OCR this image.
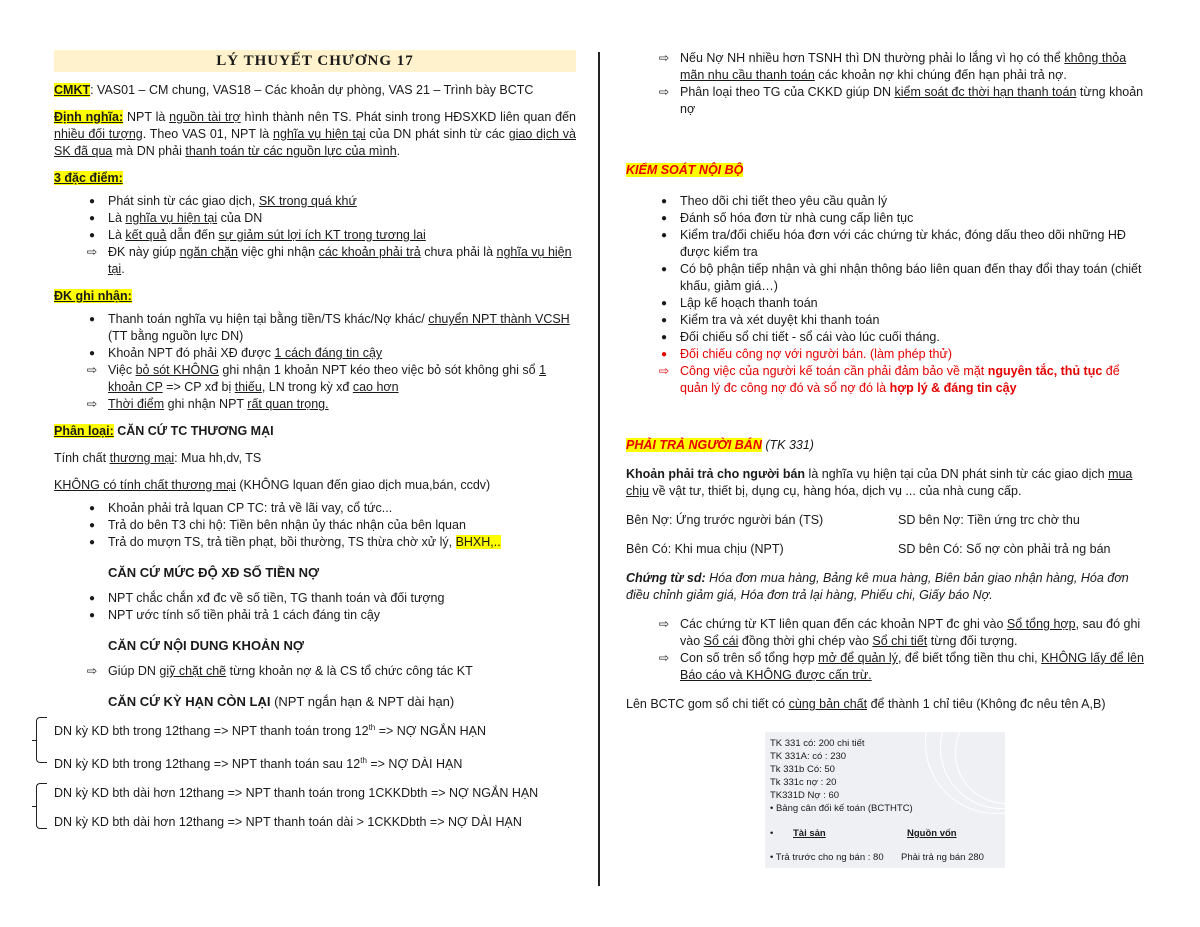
LÝ THUYẾT CHƯƠNG 17

CMKT: VAS01 – CM chung, VAS18 – Các khoản dự phòng, VAS 21 – Trình bày BCTC

Định nghĩa: NPT là nguồn tài trợ hình thành nên TS. Phát sinh trong HĐSXKD liên quan đến nhiều đối tượng. Theo VAS 01, NPT là nghĩa vụ hiện tại của DN phát sinh từ các giao dịch và SK đã qua mà DN phải thanh toán từ các nguồn lực của mình.

3 đặc điểm:

●	Phát sinh từ các giao dịch, SK trong quá khứ
●	Là nghĩa vụ hiện tại của DN
●	Là kết quả dẫn đến sự giảm sút lợi ích KT trong tương lai
⇨ ĐK này giúp ngăn chặn việc ghi nhận các khoản phải trả chưa phải là nghĩa vụ hiện tại.

ĐK ghi nhận:

●	Thanh toán nghĩa vụ hiện tại bằng tiền/TS khác/Nợ khác/ chuyển NPT thành VCSH (TT bằng nguồn lực DN)
●	Khoản NPT đó phải XĐ được 1 cách đáng tin cậy
⇨ Việc bỏ sót KHÔNG ghi nhận 1 khoản NPT kéo theo việc bỏ sót không ghi sổ 1 khoản CP => CP xđ bị thiếu, LN trong kỳ xđ cao hơn
⇨ Thời điểm ghi nhận NPT rất quan trọng.

Phân loại: CĂN CỨ TC THƯƠNG MẠI

Tính chất thương mại: Mua hh,dv, TS

KHÔNG có tính chất thương mại (KHÔNG lquan đến giao dịch mua,bán, ccdv)

●	Khoản phải trả lquan CP TC: trả về lãi vay, cổ tức...
●	Trả do bên T3 chi hộ: Tiền bên nhận ủy thác nhận của bên lquan
●	Trả do mượn TS, trả tiền phạt, bồi thường, TS thừa chờ xử lý, BHXH,..
CĂN CỨ MỨC ĐỘ XĐ SỐ TIỀN NỢ
●	NPT chắc chắn xđ đc về số tiền, TG thanh toán và đối tượng
●	NPT ước tính số tiền phải trả 1 cách đáng tin cậy
CĂN CỨ NỘI DUNG KHOẢN NỢ
⇨ Giúp DN giỹ chặt chẽ từng khoản nợ & là CS tổ chức công tác KT
CĂN CỨ KỲ HẠN CÒN LẠI (NPT ngắn hạn & NPT dài hạn)

DN kỳ KD bth trong 12thang => NPT thanh toán trong 12th => NỢ NGẮN HẠN

DN kỳ KD bth trong 12thang => NPT thanh toán sau 12th => NỢ DÀI HẠN

DN kỳ KD bth dài hơn 12thang => NPT thanh toán trong 1CKKDbth => NỢ NGẮN HẠN

DN kỳ KD bth dài hơn 12thang => NPT thanh toán dài > 1CKKDbth => NỢ DÀI HẠN

⇨ Nếu Nợ NH nhiều hơn TSNH thì DN thường phải lo lắng vì họ có thể không thỏa mãn nhu cầu thanh toán các khoản nợ khi chúng đến hạn phải trả nợ.
⇨ Phân loại theo TG của CKKD giúp DN kiểm soát đc thời hạn thanh toán từng khoản nợ

KIỂM SOÁT NỘI BỘ

●	Theo dõi chi tiết theo yêu cầu quản lý
●	Đánh số hóa đơn từ nhà cung cấp liên tục
●	Kiểm tra/đối chiếu hóa đơn với các chứng từ khác, đóng dấu theo dõi những HĐ được kiểm tra
●	Có bộ phận tiếp nhận và ghi nhận thông báo liên quan đến thay đổi thay toán (chiết khấu, giảm giá…)
●	Lập kế hoạch thanh toán
●	Kiểm tra và xét duyệt khi thanh toán
●	Đối chiếu sổ chi tiết - sổ cái vào lúc cuối tháng.
●	Đối chiếu công nợ với người bán. (làm phép thử)
⇨ Công việc của người kế toán cần phải đảm bảo về mặt nguyên tắc, thủ tục để quản lý đc công nợ đó và sổ nợ đó là hợp lý & đáng tin cậy

PHẢI TRẢ NGƯỜI BÁN (TK 331)

Khoản phải trả cho người bán là nghĩa vụ hiện tại của DN phát sinh từ các giao dịch mua chịu về vật tư, thiết bị, dụng cụ, hàng hóa, dịch vụ ... của nhà cung cấp.

Bên Nợ: Ứng trước người bán (TS)	SD bên Nợ: Tiền ứng trc chờ thu
Bên Có: Khi mua chịu (NPT)	SD bên Có: Số nợ còn phải trả ng bán

Chứng từ sd: Hóa đơn mua hàng, Bảng kê mua hàng, Biên bản giao nhận hàng, Hóa đơn điều chỉnh giảm giá, Hóa đơn trả lại hàng, Phiếu chi, Giấy báo Nợ.

⇨ Các chứng từ KT liên quan đến các khoản NPT đc ghi vào Sổ tổng hợp, sau đó ghi vào Sổ cái đồng thời ghi chép vào Sổ chi tiết từng đối tượng.
⇨ Con số trên sổ tổng hợp mở để quản lý, để biết tổng tiền thu chi, KHÔNG lấy để lên Báo cáo và KHÔNG được cấn trừ.

Lên BCTC gom sổ chi tiết có cùng bản chất để thành 1 chỉ tiêu (Không đc nêu tên A,B)

TK 331 có: 200 chi tiết
TK 331A: có : 230
Tk 331b Có: 50
Tk 331c nợ : 20
TK331D Nợ : 60
• Bảng cân đối kế toán (BCTHTC)
• Tài sản	Nguồn vốn
• Trả trước cho ng bán : 80 Phải trả ng bán 280
